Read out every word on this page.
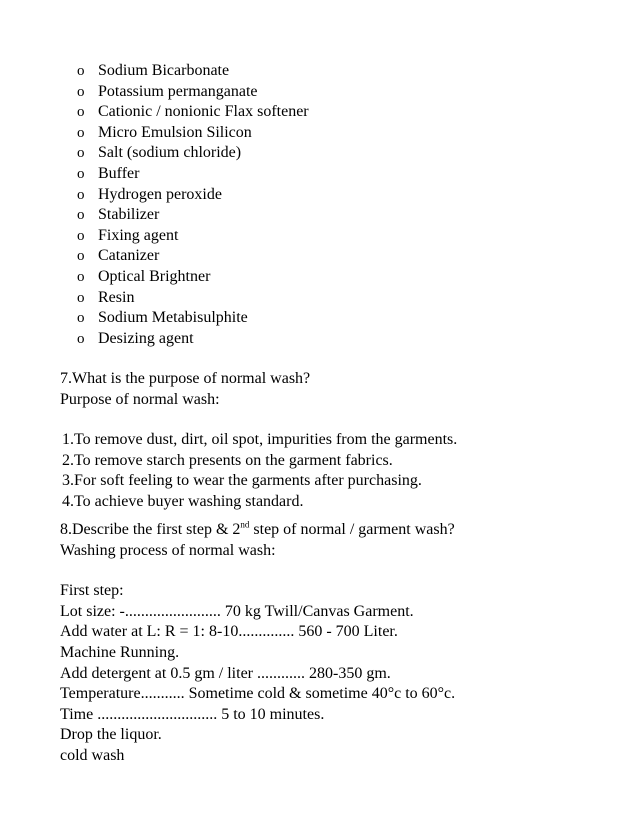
o Sodium Bicarbonate
o Potassium permanganate
o Cationic / nonionic Flax softener
o Micro Emulsion Silicon
o Salt (sodium chloride)
o Buffer
o Hydrogen peroxide
o Stabilizer
o Fixing agent
o Catanizer
o Optical Brightner
o Resin
o Sodium Metabisulphite
o Desizing agent
7.What is the purpose of normal wash?
Purpose of normal wash:
1.To remove dust, dirt, oil spot, impurities from the garments.
2.To remove starch presents on the garment fabrics.
3.For soft feeling to wear the garments after purchasing.
4.To achieve buyer washing standard.
8.Describe the first step & 2nd step of normal / garment wash?
Washing process of normal wash:
First step:
Lot size: -........................ 70 kg Twill/Canvas Garment.
Add water at L: R = 1: 8-10.............. 560 - 700 Liter.
Machine Running.
Add detergent at 0.5 gm / liter ............ 280-350 gm.
Temperature........... Sometime cold & sometime 40°c to 60°c.
Time .............................. 5 to 10 minutes.
Drop the liquor.
cold wash
